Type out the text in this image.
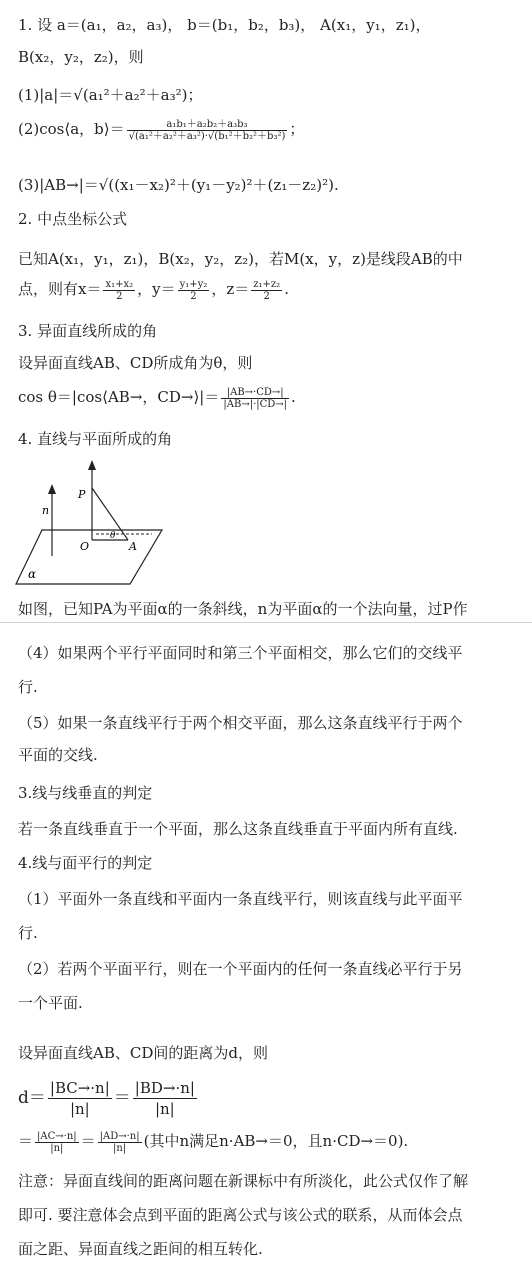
1. 设 a＝(a₁，a₂，a₃)， b＝(b₁，b₂，b₃)， A(x₁，y₁，z₁)，
B(x₂，y₂，z₂)，则
(1)|a|＝√(a₁²＋a₂²＋a₃²)；
(2)cos⟨a，b⟩＝ $\frac{\text{a₁b₁＋a₂b₂＋a₃b₃}}{\text{√(a₁²＋a₂²＋a₃²)·√(b₁²＋b₂²＋b₃²)}}$ ；
(3)|AB→|＝√((x₁－x₂)²＋(y₁－y₂)²＋(z₁－z₂)²).
2. 中点坐标公式
已知A(x₁，y₁，z₁)，B(x₂，y₂，z₂)，若M(x，y，z)是线段AB的中
点，则有$x= \frac{\text{x₁+x₂}}{2}$ ，$y= \frac{\text{y₁+y₂}}{2}$ ，$z= \frac{\text{z₁+z₂}}{2}$ .
3. 异面直线所成的角
设异面直线AB、CD所成角为θ，则
cos θ＝|cos⟨AB→，CD→⟩|＝ $\frac{|AB\to\cdot CD\to|}{|AB\to|\cdot|CD\to|}$ .
4. 直线与平面所成的角
n
P
O	A
θ
α
如图，已知PA为平面α的一条斜线，n为平面α的一个法向量，过P作
（4）如果两个平行平面同时和第三个平面相交，那么它们的交线平
行.
（5）如果一条直线平行于两个相交平面，那么这条直线平行于两个
平面的交线.
3.线与线垂直的判定
若一条直线垂直于一个平面，那么这条直线垂直于平面内所有直线.
4.线与面平行的判定
（1）平面外一条直线和平面内一条直线平行，则该直线与此平面平
行.
（2）若两个平面平行，则在一个平面内的任何一条直线必平行于另
一个平面.
设异面直线AB、CD间的距离为d，则
$d= \frac{|BC\to\cdot n|}{|n|} = \frac{|BD\to\cdot n|}{|n|}$
＝ $\frac{|AC\to\cdot n|}{|n|} = \frac{|AD\to\cdot n|}{|n|}$ (其中n满足n·AB→＝0，且n·CD→＝0).
注意：异面直线间的距离问题在新课标中有所淡化，此公式仅作了解
即可. 要注意体会点到平面的距离公式与该公式的联系，从而体会点
面之距、异面直线之距间的相互转化.
